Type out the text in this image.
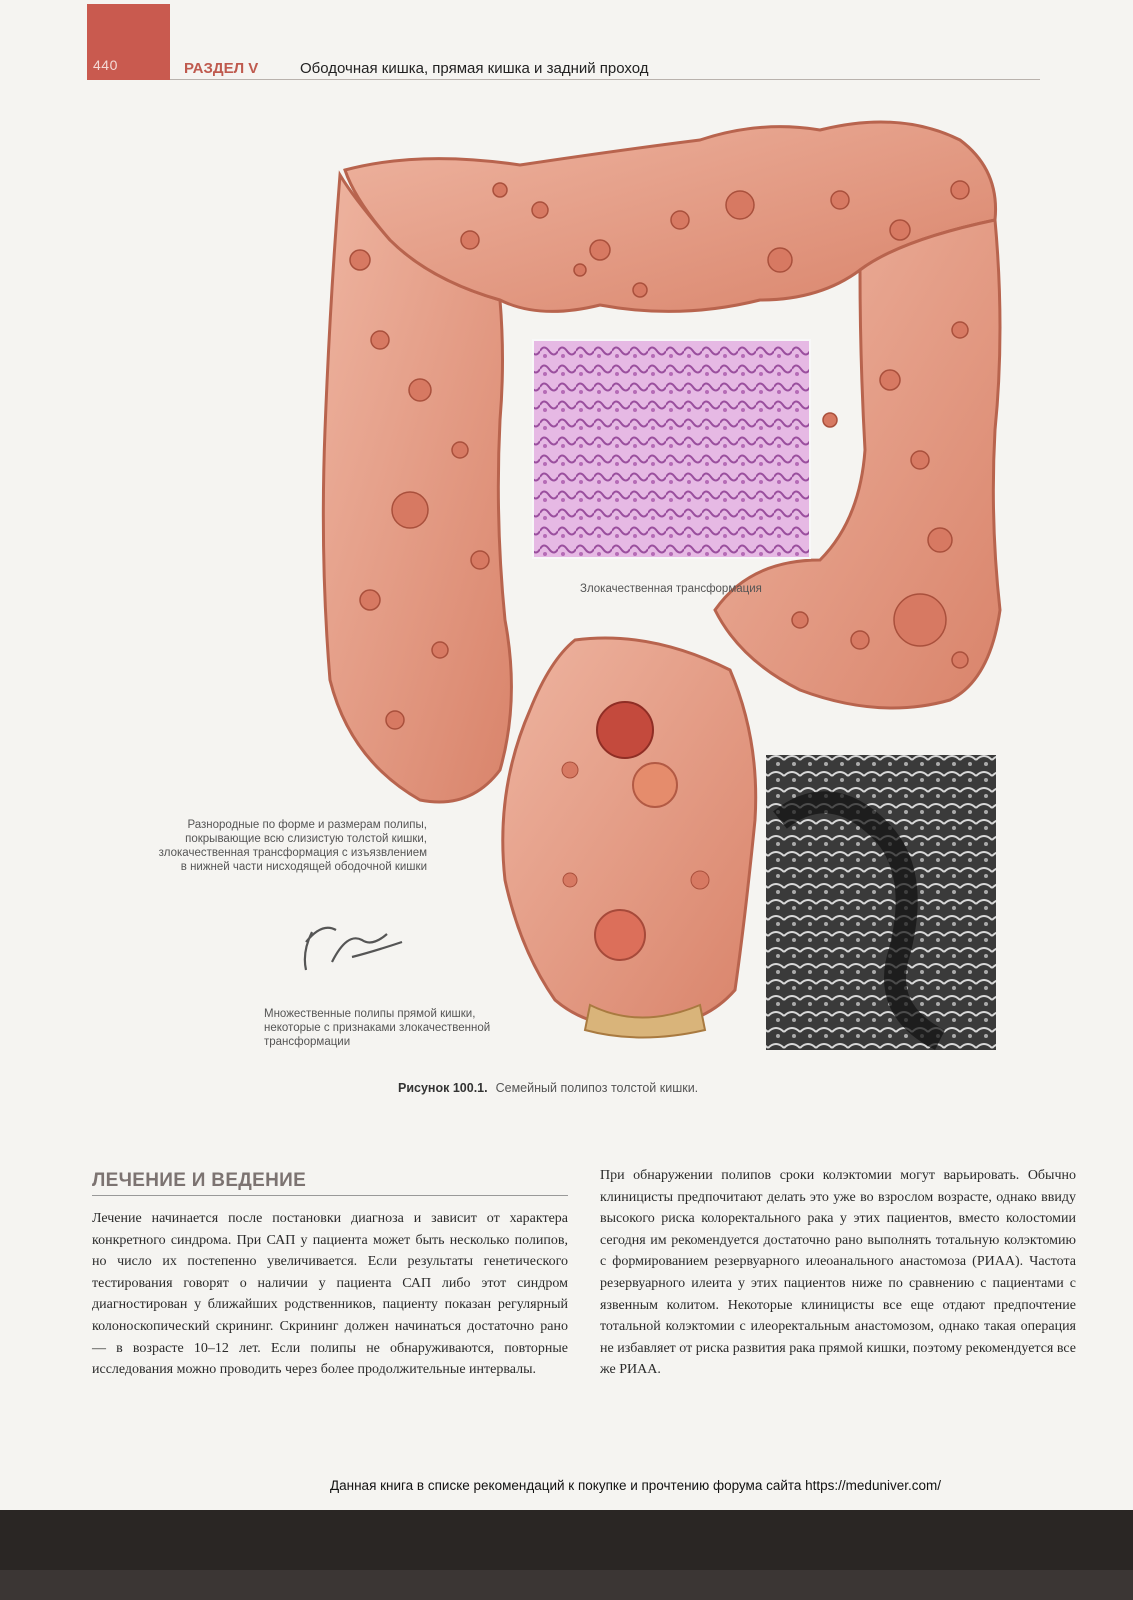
440	РАЗДЕЛ V	Ободочная кишка, прямая кишка и задний проход
Злокачественная трансформация
Разнородные по форме и размерам полипы,
покрывающие всю слизистую толстой кишки,
злокачественная трансформация с изъязвлением
в нижней части нисходящей ободочной кишки
Множественные полипы прямой кишки,
некоторые с признаками злокачественной
трансформации
Рисунок 100.1. Семейный полипоз толстой кишки.
ЛЕЧЕНИЕ И ВЕДЕНИЕ
Лечение начинается после постановки диагноза и зависит от характера конкретного синдрома. При САП у пациента может быть несколько полипов, но число их постепенно увеличивается. Если результаты генетического тестирования говорят о наличии у пациента САП либо этот синдром диагностирован у ближайших родственников, пациенту показан регулярный колоноскопический скрининг. Скрининг должен начинаться достаточно рано — в возрасте 10–12 лет. Если полипы не обнаруживаются, повторные исследования можно проводить через более продолжительные интервалы.
При обнаружении полипов сроки колэктомии могут варьировать. Обычно клиницисты предпочитают делать это уже во взрослом возрасте, однако ввиду высокого риска колоректального рака у этих пациентов, вместо колостомии сегодня им рекомендуется достаточно рано выполнять тотальную колэктомию с формированием резервуарного илеоанального анастомоза (РИАА). Частота резервуарного илеита у этих пациентов ниже по сравнению с пациентами с язвенным колитом. Некоторые клиницисты все еще отдают предпочтение тотальной колэктомии с илеоректальным анастомозом, однако такая операция не избавляет от риска развития рака прямой кишки, поэтому рекомендуется все же РИАА.
Данная книга в списке рекомендаций к покупке и прочтению форума сайта https://meduniver.com/
